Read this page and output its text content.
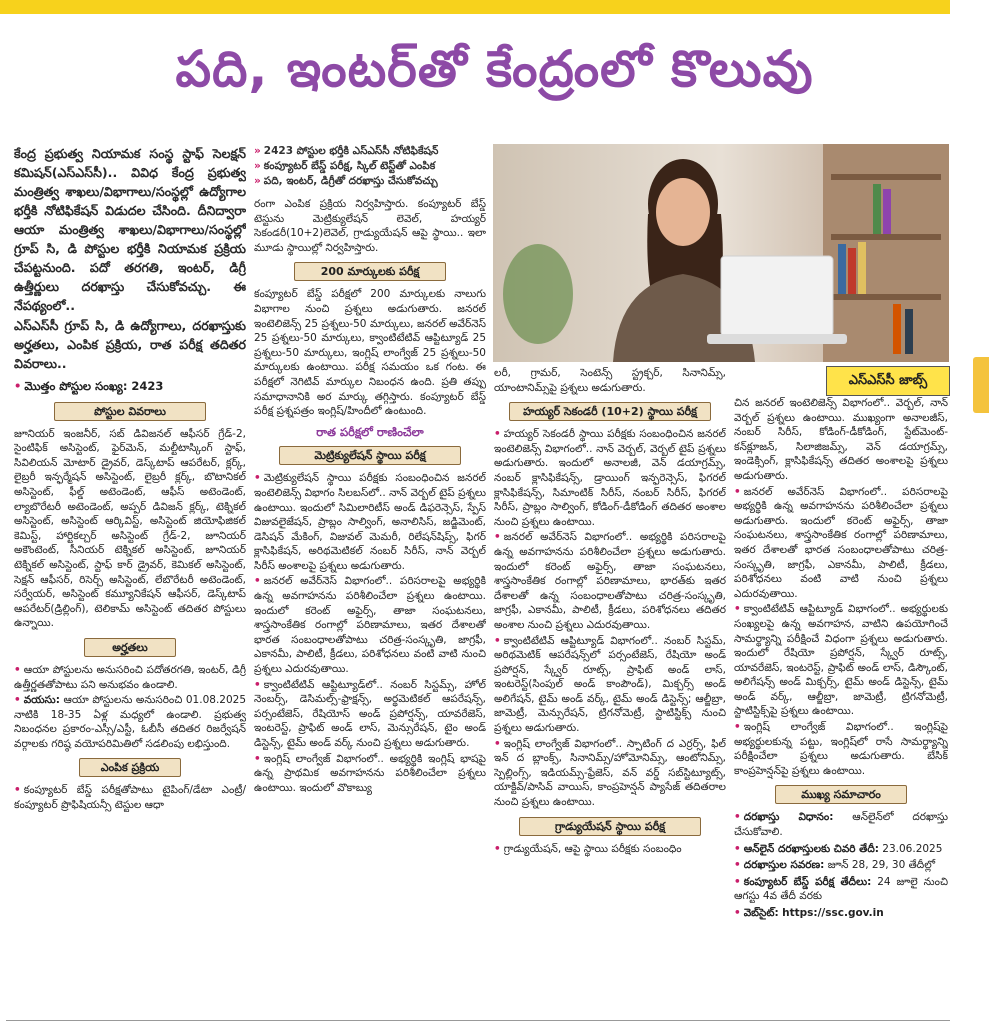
పది, ఇంటర్‌తో కేంద్రంలో కొలువు

కేంద్ర ప్రభుత్వ నియామక సంస్థ స్టాఫ్ సెలక్షన్ కమిషన్(ఎస్ఎస్‌సీ).. వివిధ కేంద్ర ప్రభుత్వ మంత్రిత్వ శాఖలు/విభాగాలు/సంస్థల్లో ఉద్యోగాల భర్తీకి నోటిఫికేషన్ విడుదల చేసింది. దీనిద్వారా ఆయా మంత్రిత్వ శాఖలు/విభాగాలు/సంస్థల్లో గ్రూప్ సి, డి పోస్టుల భర్తీకి నియామక ప్రక్రియ చేపట్టనుంది. పదో తరగతి, ఇంటర్, డిగ్రీ ఉత్తీర్ణులు దరఖాస్తు చేసుకోవచ్చు. ఈ నేపథ్యంలో..

ఎస్ఎస్‌సీ గ్రూప్ సి, డి ఉద్యోగాలు, దరఖాస్తుకు అర్హతలు, ఎంపిక ప్రక్రియ, రాత పరీక్ష తదితర వివరాలు..

• మొత్తం పోస్టుల సంఖ్య: 2423
పోస్టుల వివరాలు

జూనియర్ ఇంజనీర్, సబ్ డివిజనల్ ఆఫీసర్ గ్రేడ్-2, సైంటిఫిక్ అసిస్టెంట్, ఫైర్‌మెన్, మల్టీటాస్కింగ్ స్టాఫ్, సివిలియన్ మోటార్ డ్రైవర్, డెస్క్‌టాప్ ఆపరేటర్, క్లర్క్, లైబ్రరీ ఇన్ఫర్మేషన్ అసిస్టెంట్, లైబ్రరీ క్లర్క్, బొటానికల్ అసిస్టెంట్, ఫీల్డ్ అటెండెంట్, ఆఫీస్ అటెండెంట్, ల్యాబొరేటరీ అటెండెంట్, అప్పర్ డివిజన్ క్లర్క్, టెక్నికల్ అసిస్టెంట్, అసిస్టెంట్ ఆర్కివిస్ట్, అసిస్టెంట్ జియోఫిజికల్ కెమిస్ట్, హార్టికల్చర్ అసిస్టెంట్ గ్రేడ్-2, జూనియర్ అకౌంటెంట్, సీనియర్ టెక్నికల్ అసిస్టెంట్, జూనియర్ టెక్నికల్ అసిస్టెంట్, స్టాఫ్ కార్ డ్రైవర్, కెమికల్ అసిస్టెంట్, సెక్షన్ ఆఫీసర్, రిసెర్చ్ అసిస్టెంట్, లేబొరేటరీ అటెండెంట్, సర్వేయర్, అసిస్టెంట్ కమ్యూనికేషన్ ఆఫీసర్, డెస్క్‌టాప్ ఆపరేటర్(డ్రిల్లింగ్), టెలికామ్ అసిస్టెంట్ తదితర పోస్టులు ఉన్నాయి.

అర్హతలు

• ఆయా పోస్టులను అనుసరించి పదోతరగతి, ఇంటర్, డిగ్రీ ఉత్తీర్ణతతోపాటు పని అనుభవం ఉండాలి.

• వయసు: ఆయా పోస్టులను అనుసరించి 01.08.2025 నాటికి 18-35 ఏళ్ల మధ్యలో ఉండాలి. ప్రభుత్వ నిబంధనల ప్రకారం-ఎస్సీ/ఎస్టీ, ఓబీసీ తదితర రిజర్వేషన్ వర్గాలకు గరిష్ఠ వయోపరిమితిలో సడలింపు లభిస్తుంది.

ఎంపిక ప్రక్రియ

• కంప్యూటర్ బేస్డ్ పరీక్షతోపాటు టైపింగ్/డేటా ఎంట్రీ/కంప్యూటర్ ప్రొఫిషియన్సీ టెస్టుల ఆధా

» 2423 పోస్టుల భర్తీకి ఎస్ఎస్‌సీ నోటిఫికేషన్
» కంప్యూటర్ బేస్డ్ పరీక్ష, స్కిల్ టెస్ట్‌తో ఎంపిక
» పది, ఇంటర్, డిగ్రీతో దరఖాస్తు చేసుకోవచ్చు

రంగా ఎంపిక ప్రక్రియ నిర్వహిస్తారు. కంప్యూటర్ బేస్డ్ టెస్టును మెట్రిక్యులేషన్ లెవెల్, హయ్యర్ సెకండరీ(10+2)లెవెల్, గ్రాడ్యుయేషన్ ఆపై స్థాయి.. ఇలా మూడు స్థాయిల్లో నిర్వహిస్తారు.

200 మార్కులకు పరీక్ష

కంప్యూటర్ బేస్డ్ పరీక్షలో 200 మార్కులకు నాలుగు విభాగాల నుంచి ప్రశ్నలు అడుగుతారు. జనరల్ ఇంటెలిజెన్స్ 25 ప్రశ్నలు-50 మార్కులు, జనరల్ అవేర్‌నెస్ 25 ప్రశ్నలు-50 మార్కులు, క్వాంటిటేటివ్ ఆప్టిట్యూడ్ 25 ప్రశ్నలు-50 మార్కులు, ఇంగ్లిష్ లాంగ్వేజ్ 25 ప్రశ్నలు-50 మార్కులకు ఉంటాయి. పరీక్ష సమయం ఒక గంట. ఈ పరీక్షలో నెగిటివ్ మార్కుల నిబంధన ఉంది. ప్రతి తప్పు సమాధానానికి అర మార్కు తగ్గిస్తారు. కంప్యూటర్ బేస్డ్ పరీక్ష ప్రశ్నపత్రం ఇంగ్లిష్/హిందీలో ఉంటుంది.

రాత పరీక్షలో రాణించేలా
మెట్రిక్యులేషన్ స్థాయి పరీక్ష

• మెట్రిక్యులేషన్ స్థాయి పరీక్షకు సంబంధించిన జనరల్ ఇంటెలిజెన్స్ విభాగం సిలబస్‌లో.. నాన్ వెర్బల్ టైప్ ప్రశ్నలు ఉంటాయి. ఇందులో సిమిలారిటీస్ అండ్ డిఫరెన్సెస్, స్పేస్ విజువలైజేషన్, ప్రాబ్లం సాల్వింగ్, అనాలిసిస్, జడ్జిమెంట్, డెసిషన్ మేకింగ్, విజువల్ మెమరీ, రిలేషన్‌షిప్స్, ఫిగర్ క్లాసిఫికేషన్, అరిథమెటికల్ నంబర్ సిరీస్, నాన్ వెర్బల్ సిరీస్ అంశాలపై ప్రశ్నలు అడుగుతారు.

• జనరల్ అవేర్‌నెస్ విభాగంలో.. పరిసరాలపై అభ్యర్థికి ఉన్న అవగాహనను పరిశీలించేలా ప్రశ్నలు ఉంటాయి. ఇందులో కరెంట్ అఫైర్స్, తాజా సంఘటనలు, శాస్త్రసాంకేతిక రంగాల్లో పరిణామాలు, ఇతర దేశాలతో భారత సంబంధాలతోపాటు చరిత్ర-సంస్కృతి, జాగ్రఫీ, ఎకానమీ, పాలిటీ, క్రీడలు, పరిశోధనలు వంటి వాటి నుంచి ప్రశ్నలు ఎదురవుతాయి.

• క్వాంటిటేటివ్ ఆప్టిట్యూడ్‌లో.. నంబర్ సిస్టమ్స్, హోల్ నెంబర్స్, డెసిమల్స్-ఫ్రాక్షన్స్, అర్థమెటికల్ ఆపరేషన్స్, పర్సంటేజెస్, రేషియోస్ అండ్ ప్రపోర్షన్స్, యావరేజెస్, ఇంటరెస్ట్, ప్రాఫిట్ అండ్ లాస్, మెన్సురేషన్, టైం అండ్ డిస్టెన్స్, టైమ్ అండ్ వర్క్ నుంచి ప్రశ్నలు అడుగుతారు.

• ఇంగ్లిష్ లాంగ్వేజ్ విభాగంలో.. అభ్యర్థికి ఇంగ్లిష్ భాషపై ఉన్న ప్రాథమిక అవగాహనను పరిశీలించేలా ప్రశ్నలు ఉంటాయి. ఇందులో వొకాబ్యు

ఎస్ఎస్‌సీ జాబ్స్

లరీ, గ్రామర్, సెంటెన్స్ స్ట్రక్చర్, సినానిమ్స్, యాంటానిమ్స్‌పై ప్రశ్నలు అడుగుతారు.

హయ్యర్ సెకండరీ (10+2) స్థాయి పరీక్ష

• హయ్యర్ సెకండరీ స్థాయి పరీక్షకు సంబంధించిన జనరల్ ఇంటెలిజెన్స్ విభాగంలో.. నాన్ వెర్బల్, వెర్బల్ టైప్ ప్రశ్నలు అడుగుతారు. ఇందులో అనాలజీ, వెన్ డయాగ్రమ్స్, నంబర్ క్లాసిఫికేషన్స్, డ్రాయింగ్ ఇన్ఫరెన్సెస్, ఫిగరల్ క్లాసిఫికేషన్స్, సిమాంటిక్ సిరీస్, నంబర్ సిరీస్, ఫిగరల్ సిరీస్, ప్రాబ్లం సాల్వింగ్, కోడింగ్-డీకోడింగ్ తదితర అంశాల నుంచి ప్రశ్నలు ఉంటాయి.

• జనరల్ అవేర్‌నెస్ విభాగంలో.. అభ్యర్థికి పరిసరాలపై ఉన్న అవగాహనను పరిశీలించేలా ప్రశ్నలు అడుగుతారు. ఇందులో కరెంట్ అఫైర్స్, తాజా సంఘటనలు, శాస్త్రసాంకేతిక రంగాల్లో పరిణామాలు, భారత్‌కు ఇతర దేశాలతో ఉన్న సంబంధాలతోపాటు చరిత్ర-సంస్కృతి, జాగ్రఫీ, ఎకానమీ, పాలిటీ, క్రీడలు, పరిశోధనలు తదితర అంశాల నుంచి ప్రశ్నలు ఎదురవుతాయి.

• క్వాంటిటేటివ్ ఆప్టిట్యూడ్ విభాగంలో.. నంబర్ సిస్టమ్, అరిథమెటిక్ ఆపరేషన్స్‌లో పర్సంటేజెస్, రేషియో అండ్ ప్రపోర్షన్, స్క్వేర్ రూట్స్, ప్రాఫిట్ అండ్ లాస్, ఇంటరెస్ట్(సింపుల్ అండ్ కాంపౌండ్), మిక్చర్స్ అండ్ అలిగేషన్, టైమ్ అండ్ వర్క్, టైమ్ అండ్ డిస్టెన్స్; ఆల్జీబ్రా, జామెట్రీ, మెన్సురేషన్, ట్రిగనోమెట్రీ, స్టాటిస్టిక్స్ నుంచి ప్రశ్నలు అడుగుతారు.

• ఇంగ్లిష్ లాంగ్వేజ్ విభాగంలో.. స్పాటింగ్ ద ఎర్రర్స్, ఫిల్ ఇన్ ద బ్లాంక్స్, సినానిమ్స్/హోమోనిమ్స్, ఆంటోనిమ్స్, స్పెల్లింగ్స్, ఇడియమ్స్-ఫ్రేజెస్, వన్ వర్డ్ సబ్‌స్టిట్యూట్స్, యాక్టివ్/పాసివ్ వాయిస్, కాంప్రహెన్షన్ ప్యాసేజ్ తదితరాల నుంచి ప్రశ్నలు ఉంటాయి.

గ్రాడ్యుయేషన్ స్థాయి పరీక్ష

• గ్రాడ్యుయేషన్, ఆపై స్థాయి పరీక్షకు సంబంధిం

చిన జనరల్ ఇంటెలిజెన్స్ విభాగంలో.. వెర్బల్, నాన్ వెర్బల్ ప్రశ్నలు ఉంటాయి. ముఖ్యంగా అనాలజీస్, నంబర్ సిరీస్, కోడింగ్-డీకోడింగ్, స్టేట్‌మెంట్-కన్‌క్లూజన్, సిలాజిజమ్స్, వెన్ డయాగ్రమ్స్, ఇండెక్సింగ్, క్లాసిఫికేషన్స్ తదితర అంశాలపై ప్రశ్నలు అడుగుతారు.

• జనరల్ అవేర్‌నెస్ విభాగంలో.. పరిసరాలపై అభ్యర్థికి ఉన్న అవగాహనను పరిశీలించేలా ప్రశ్నలు అడుగుతారు. ఇందులో కరెంట్ అఫైర్స్, తాజా సంఘటనలు, శాస్త్రసాంకేతిక రంగాల్లో పరిణామాలు, ఇతర దేశాలతో భారత సంబంధాలతోపాటు చరిత్ర-సంస్కృతి, జాగ్రఫీ, ఎకానమీ, పాలిటీ, క్రీడలు, పరిశోధనలు వంటి వాటి నుంచి ప్రశ్నలు ఎదురవుతాయి.

• క్వాంటిటేటివ్ ఆప్టిట్యూడ్ విభాగంలో.. అభ్యర్థులకు సంఖ్యలపై ఉన్న అవగాహన, వాటిని ఉపయోగించే సామర్థ్యాన్ని పరీక్షించే విధంగా ప్రశ్నలు అడుగుతారు. ఇందులో రేషియో ప్రపోర్షన్, స్క్వేర్ రూట్స్, యావరేజెస్, ఇంటరెస్ట్, ప్రాఫిట్ అండ్ లాస్, డిస్కౌంట్, అలిగేషన్స్ అండ్ మిక్చర్స్, టైమ్ అండ్ డిస్టెన్స్, టైమ్ అండ్ వర్క్, ఆల్జీబ్రా, జామెట్రీ, ట్రిగనోమెట్రీ, స్టాటిస్టిక్స్‌పై ప్రశ్నలు ఉంటాయి.

• ఇంగ్లిష్ లాంగ్వేజ్ విభాగంలో.. ఇంగ్లిష్‌పై అభ్యర్థులకున్న పట్టు, ఇంగ్లిష్‌లో రాసే సామర్థ్యాన్ని పరీక్షించేలా ప్రశ్నలు అడుగుతారు. బేసిక్ కాంప్రహెన్షన్‌పై ప్రశ్నలు ఉంటాయి.

ముఖ్య సమాచారం

• దరఖాస్తు విధానం: ఆన్‌లైన్‌లో దరఖాస్తు చేసుకోవాలి.

• ఆన్‌లైన్ దరఖాస్తులకు చివరి తేదీ: 23.06.2025

• దరఖాస్తుల సవరణ: జూన్ 28, 29, 30 తేదీల్లో

• కంప్యూటర్ బేస్డ్ పరీక్ష తేదీలు: 24 జూలై నుంచి ఆగస్టు 4వ తేదీ వరకు

• వెబ్‌సైట్: https://ssc.gov.in
